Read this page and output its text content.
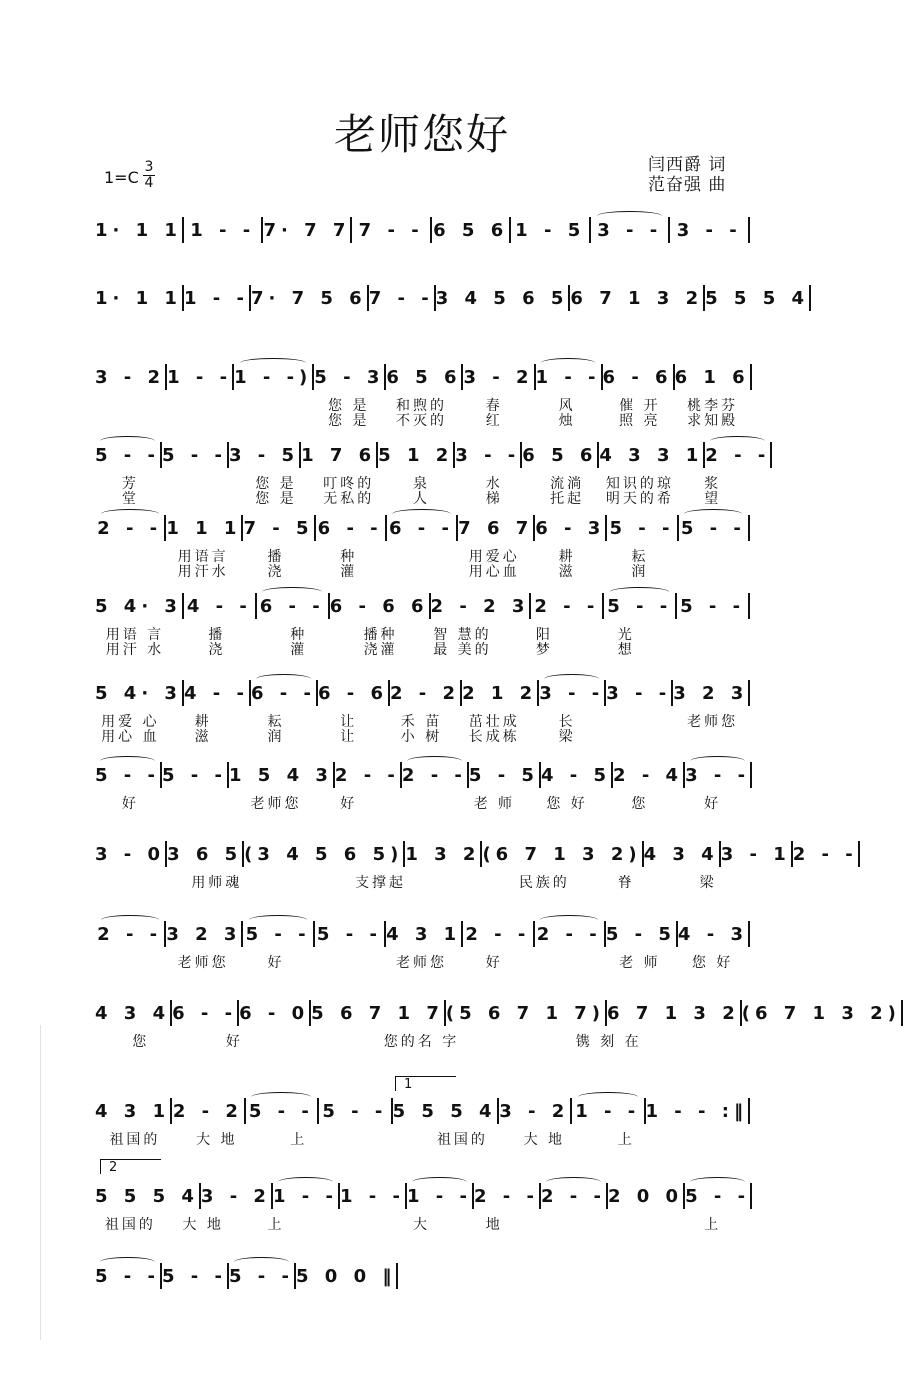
老师您好
1=C
3
4
闫西爵 词
范奋强 曲
1· 1 1 1 - - 7· 7 7 7 - - 6 5 6 1 - 5 3 - - 3 - -
1· 1 1 1 - - 7· 7 5 6 7 - - 3 4 5 6 5 6 7 1 3 2 5 5 5 4
3 - 2 1 - - 1 - -) 5 - 3 6 5 6 3 - 2 1 - - 6 - 6 6 1 6
您 是	和煦的	春	风	催 开	桃李芬
您 是	不灭的	红	烛	照 亮	求知殿
5 - - 5 - - 3 - 5 1 7 6 5 1 2 3 - - 6 5 6 4 3 3 1 2 - -
芳	您 是	叮咚的	泉	水	流淌	知识的琼	浆
堂	您 是	无私的	人	梯	托起	明天的希	望
2 - - 1 1 1 7 - 5 6 - - 6 - - 7 6 7 6 - 3 5 - - 5 - -
用语言	播	种	用爱心	耕	耘
用汗水	浇	灌	用心血	滋	润
5 4· 3 4 - - 6 - - 6 - 6 6 2 - 2 3 2 - - 5 - - 5 - -
用语 言	播	种	播种	智 慧的	阳	光
用汗 水	浇	灌	浇灌	最 美的	梦	想
5 4· 3 4 - - 6 - - 6 - 6 2 - 2 2 1 2 3 - - 3 - - 3 2 3
用爱 心	耕	耘	让	禾 苗	茁壮成	长	老师您
用心 血	滋	润	让	小 树	长成栋	梁
5 - - 5 - - 1 5 4 3 2 - - 2 - - 5 - 5 4 - 5 2 - 4 3 - -
好	老师您	好	老 师	您 好	您	好
3 - 0 3 6 5 (3 4 5 6 5) 1 3 2 (6 7 1 3 2) 4 3 4 3 - 1 2 - -
用师魂	支撑起	民族的	脊	梁
2 - - 3 2 3 5 - - 5 - - 4 3 1 2 - - 2 - - 5 - 5 4 - 3
老师您	好	老师您	好	老 师	您 好
4 3 4 6 - - 6 - 0 5 6 7 1 7 (5 6 7 1 7) 6 7 1 3 2 (6 7 1 3 2)
您	好	您的名 字	镌 刻 在
1
4 3 1 2 - 2 5 - - 5 - - 5 5 5 4 3 - 2 1 - - 1 - - :‖
祖国的	大 地	上	祖国的	大 地	上
2
5 5 5 4 3 - 2 1 - - 1 - - 1 - - 2 - - 2 - - 2 0 0 5 - -
祖国的	大 地	上	大	地	上
5 - - 5 - - 5 - - 5 0 0 ‖
